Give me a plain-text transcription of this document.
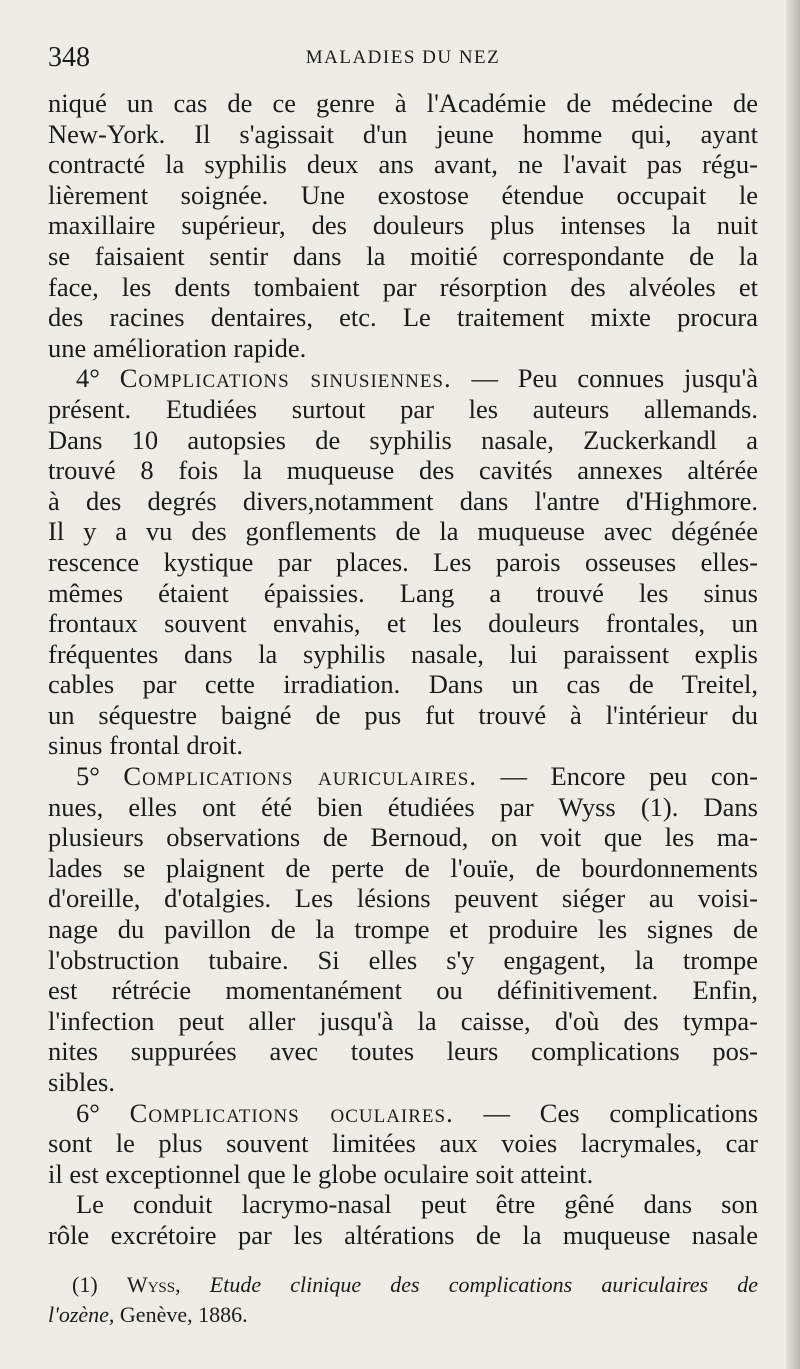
348	MALADIES DU NEZ
niqué un cas de ce genre à l'Académie de médecine de
New-York. Il s'agissait d'un jeune homme qui, ayant
contracté la syphilis deux ans avant, ne l'avait pas régu-
lièrement soignée. Une exostose étendue occupait le
maxillaire supérieur, des douleurs plus intenses la nuit
se faisaient sentir dans la moitié correspondante de la
face, les dents tombaient par résorption des alvéoles et
des racines dentaires, etc. Le traitement mixte procura
une amélioration rapide.
4° Complications sinusiennes. — Peu connues jusqu'à
présent. Etudiées surtout par les auteurs allemands.
Dans 10 autopsies de syphilis nasale, Zuckerkandl a
trouvé 8 fois la muqueuse des cavités annexes altérée
à des degrés divers,notamment dans l'antre d'Highmore.
Il y a vu des gonflements de la muqueuse avec dégénée
rescence kystique par places. Les parois osseuses elles-
mêmes étaient épaissies. Lang a trouvé les sinus
frontaux souvent envahis, et les douleurs frontales, un
fréquentes dans la syphilis nasale, lui paraissent explis
cables par cette irradiation. Dans un cas de Treitel,
un séquestre baigné de pus fut trouvé à l'intérieur du
sinus frontal droit.
5° Complications auriculaires. — Encore peu con-
nues, elles ont été bien étudiées par Wyss (1). Dans
plusieurs observations de Bernoud, on voit que les ma-
lades se plaignent de perte de l'ouïe, de bourdonnements
d'oreille, d'otalgies. Les lésions peuvent siéger au voisi-
nage du pavillon de la trompe et produire les signes de
l'obstruction tubaire. Si elles s'y engagent, la trompe
est rétrécie momentanément ou définitivement. Enfin,
l'infection peut aller jusqu'à la caisse, d'où des tympa-
nites suppurées avec toutes leurs complications pos-
sibles.
6° Complications oculaires. — Ces complications
sont le plus souvent limitées aux voies lacrymales, car
il est exceptionnel que le globe oculaire soit atteint.
Le conduit lacrymo-nasal peut être gêné dans son
rôle excrétoire par les altérations de la muqueuse nasale
(1) Wyss, Etude clinique des complications auriculaires de
l'ozène, Genève, 1886.
